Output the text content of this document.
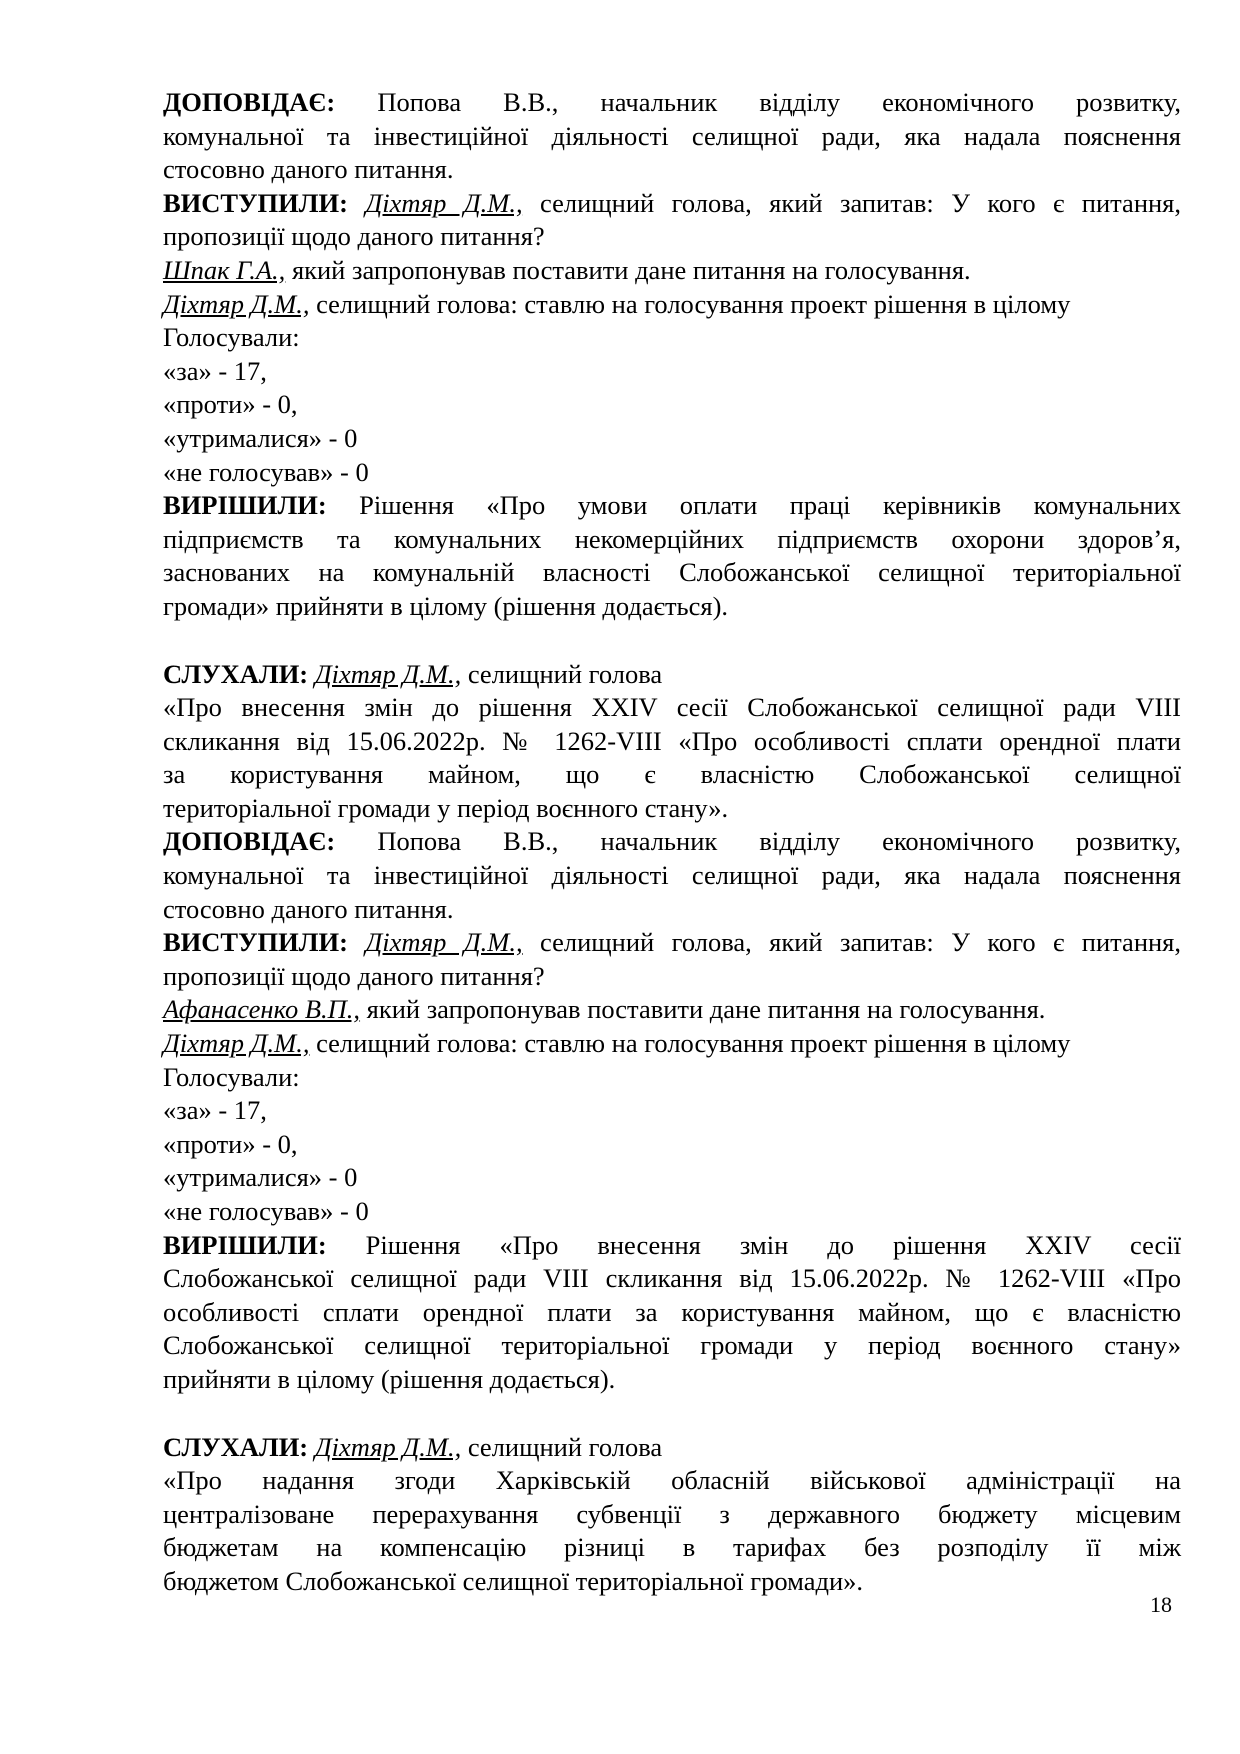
ДОПОВІДАЄ: Попова В.В., начальник відділу економічного розвитку,

комунальної та інвестиційної діяльності селищної ради, яка надала пояснення

стосовно даного питання.

ВИСТУПИЛИ: Діхтяр Д.М., селищний голова, який запитав: У кого є питання,

пропозиції щодо даного питання?

Шпак Г.А., який запропонував поставити дане питання на голосування.

Діхтяр Д.М., селищний голова: ставлю на голосування проект рішення в цілому

Голосували:

«за» - 17,

«проти» - 0,

«утрималися» - 0

«не голосував» - 0

ВИРІШИЛИ: Рішення «Про умови оплати праці керівників комунальних

підприємств та комунальних некомерційних підприємств охорони здоров’я,

заснованих на комунальній власності Слобожанської селищної територіальної

громади» прийняти в цілому (рішення додається).

СЛУХАЛИ: Діхтяр Д.М., селищний голова

«Про внесення змін до рішення XXIV сесії Слобожанської селищної ради VIII

скликання від 15.06.2022р. № 1262-VIII «Про особливості сплати орендної плати

за користування майном, що є власністю Слобожанської селищної

територіальної громади у період воєнного стану».

ДОПОВІДАЄ: Попова В.В., начальник відділу економічного розвитку,

комунальної та інвестиційної діяльності селищної ради, яка надала пояснення

стосовно даного питання.

ВИСТУПИЛИ: Діхтяр Д.М., селищний голова, який запитав: У кого є питання,

пропозиції щодо даного питання?

Афанасенко В.П., який запропонував поставити дане питання на голосування.

Діхтяр Д.М., селищний голова: ставлю на голосування проект рішення в цілому

Голосували:

«за» - 17,

«проти» - 0,

«утрималися» - 0

«не голосував» - 0

ВИРІШИЛИ: Рішення «Про внесення змін до рішення XXIV сесії

Слобожанської селищної ради VIII скликання від 15.06.2022р. № 1262-VIII «Про

особливості сплати орендної плати за користування майном, що є власністю

Слобожанської селищної територіальної громади у період воєнного стану»

прийняти в цілому (рішення додається).

СЛУХАЛИ: Діхтяр Д.М., селищний голова

«Про надання згоди Харківській обласній військової адміністрації на

централізоване перерахування субвенції з державного бюджету місцевим

бюджетам на компенсацію різниці в тарифах без розподілу її між

бюджетом Слобожанської селищної територіальної громади».

18
